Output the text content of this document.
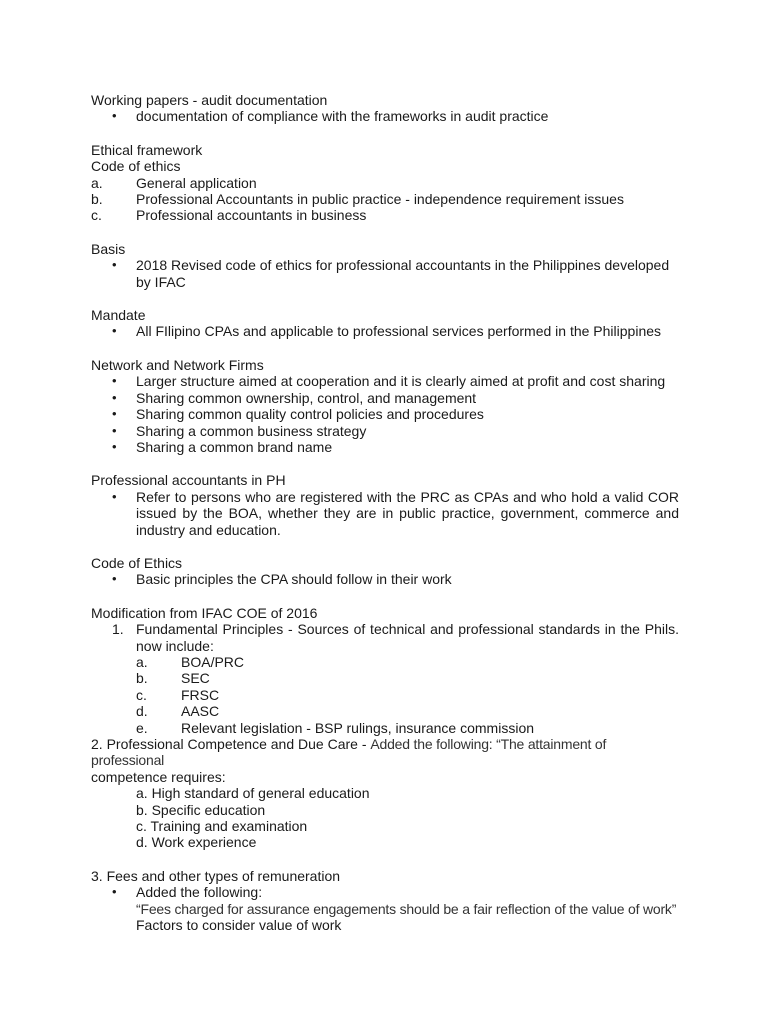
Working papers - audit documentation
• documentation of compliance with the frameworks in audit practice
Ethical framework
Code of ethics
a.	General application
b.	Professional Accountants in public practice - independence requirement issues
c.	Professional accountants in business
Basis
• 2018 Revised code of ethics for professional accountants in the Philippines developed by IFAC
Mandate
• All FIlipino CPAs and applicable to professional services performed in the Philippines
Network and Network Firms
• Larger structure aimed at cooperation and it is clearly aimed at profit and cost sharing
• Sharing common ownership, control, and management
• Sharing common quality control policies and procedures
• Sharing a common business strategy
• Sharing a common brand name
Professional accountants in PH
• Refer to persons who are registered with the PRC as CPAs and who hold a valid COR issued by the BOA, whether they are in public practice, government, commerce and industry and education.
Code of Ethics
• Basic principles the CPA should follow in their work
Modification from IFAC COE of 2016
1. Fundamental Principles - Sources of technical and professional standards in the Phils. now include:
a.	BOA/PRC
b.	SEC
c.	FRSC
d.	AASC
e.	Relevant legislation - BSP rulings, insurance commission
2. Professional Competence and Due Care - Added the following: “The attainment of professional
competence requires:
a. High standard of general education
b. Specific education
c. Training and examination
d. Work experience
3. Fees and other types of remuneration
• Added the following:
“Fees charged for assurance engagements should be a fair reflection of the value of work”
Factors to consider value of work
